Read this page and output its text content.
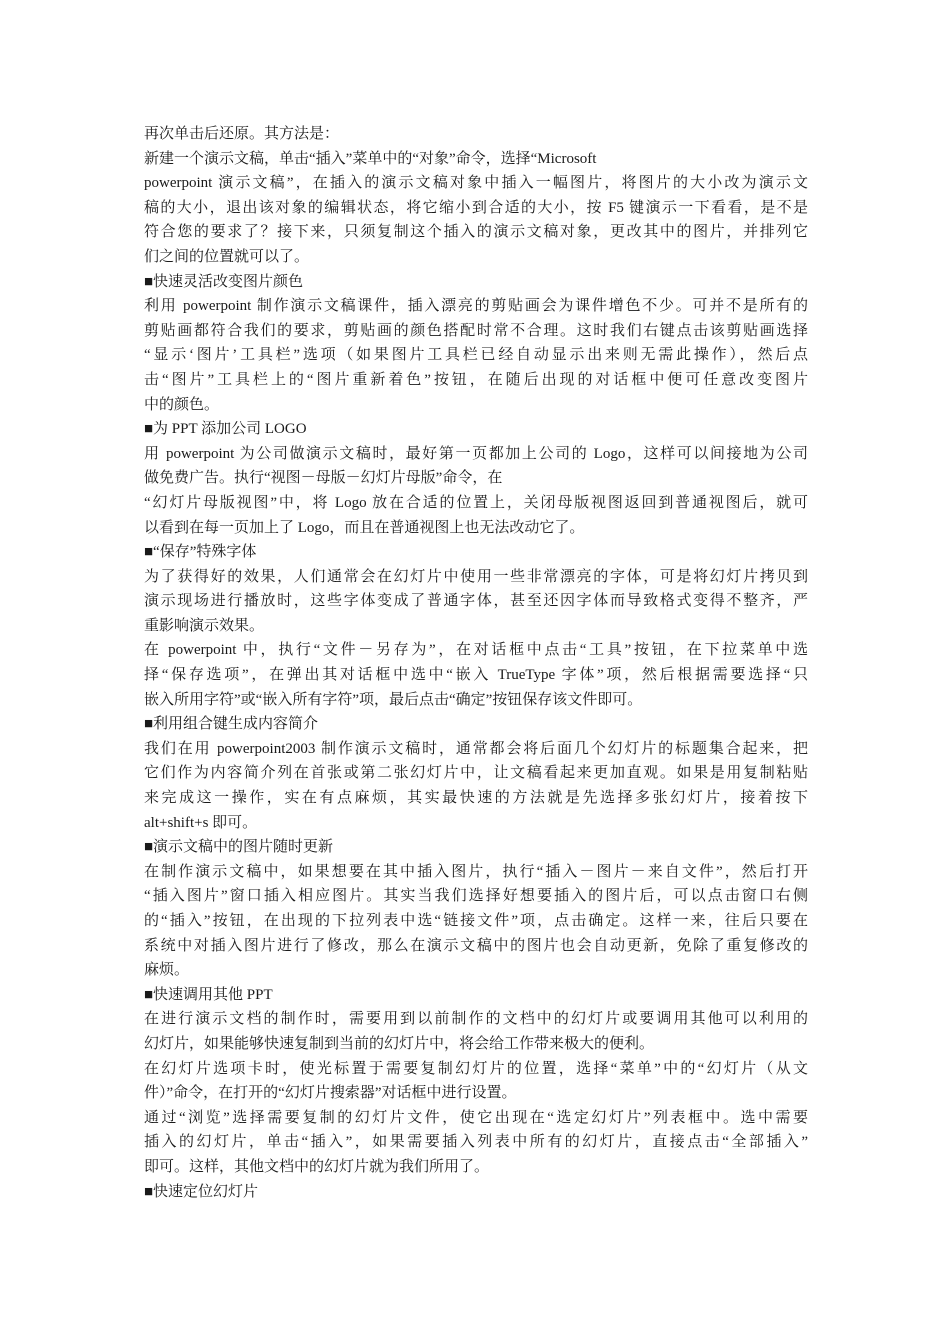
再次单击后还原。其方法是：
新建一个演示文稿，单击“插入”菜单中的“对象”命令，选择“Microsoft
powerpoint 演示文稿”，在插入的演示文稿对象中插入一幅图片，将图片的大小改为演示文
稿的大小，退出该对象的编辑状态，将它缩小到合适的大小，按 F5 键演示一下看看，是不是
符合您的要求了？接下来，只须复制这个插入的演示文稿对象，更改其中的图片，并排列它
们之间的位置就可以了。
■快速灵活改变图片颜色
利用 powerpoint 制作演示文稿课件，插入漂亮的剪贴画会为课件增色不少。可并不是所有的
剪贴画都符合我们的要求，剪贴画的颜色搭配时常不合理。这时我们右键点击该剪贴画选择
“显示‘图片’工具栏”选项（如果图片工具栏已经自动显示出来则无需此操作），然后点
击“图片”工具栏上的“图片重新着色”按钮，在随后出现的对话框中便可任意改变图片
中的颜色。
■为 PPT 添加公司 LOGO
用 powerpoint 为公司做演示文稿时，最好第一页都加上公司的 Logo，这样可以间接地为公司
做免费广告。执行“视图－母版－幻灯片母版”命令，在
“幻灯片母版视图”中，将 Logo 放在合适的位置上，关闭母版视图返回到普通视图后，就可
以看到在每一页加上了 Logo，而且在普通视图上也无法改动它了。
■“保存”特殊字体
为了获得好的效果，人们通常会在幻灯片中使用一些非常漂亮的字体，可是将幻灯片拷贝到
演示现场进行播放时，这些字体变成了普通字体，甚至还因字体而导致格式变得不整齐，严
重影响演示效果。
在 powerpoint 中，执行“文件－另存为”，在对话框中点击“工具”按钮，在下拉菜单中选
择“保存选项”，在弹出其对话框中选中“嵌入 TrueType 字体”项，然后根据需要选择“只
嵌入所用字符”或“嵌入所有字符”项，最后点击“确定”按钮保存该文件即可。
■利用组合键生成内容简介
我们在用 powerpoint2003 制作演示文稿时，通常都会将后面几个幻灯片的标题集合起来，把
它们作为内容简介列在首张或第二张幻灯片中，让文稿看起来更加直观。如果是用复制粘贴
来完成这一操作，实在有点麻烦，其实最快速的方法就是先选择多张幻灯片，接着按下
alt+shift+s 即可。
■演示文稿中的图片随时更新
在制作演示文稿中，如果想要在其中插入图片，执行“插入－图片－来自文件”，然后打开
“插入图片”窗口插入相应图片。其实当我们选择好想要插入的图片后，可以点击窗口右侧
的“插入”按钮，在出现的下拉列表中选“链接文件”项，点击确定。这样一来，往后只要在
系统中对插入图片进行了修改，那么在演示文稿中的图片也会自动更新，免除了重复修改的
麻烦。
■快速调用其他 PPT
在进行演示文档的制作时，需要用到以前制作的文档中的幻灯片或要调用其他可以利用的
幻灯片，如果能够快速复制到当前的幻灯片中，将会给工作带来极大的便利。
在幻灯片选项卡时，使光标置于需要复制幻灯片的位置，选择“菜单”中的“幻灯片（从文
件）”命令，在打开的“幻灯片搜索器”对话框中进行设置。
通过“浏览”选择需要复制的幻灯片文件，使它出现在“选定幻灯片”列表框中。选中需要
插入的幻灯片，单击“插入”，如果需要插入列表中所有的幻灯片，直接点击“全部插入”
即可。这样，其他文档中的幻灯片就为我们所用了。
■快速定位幻灯片
